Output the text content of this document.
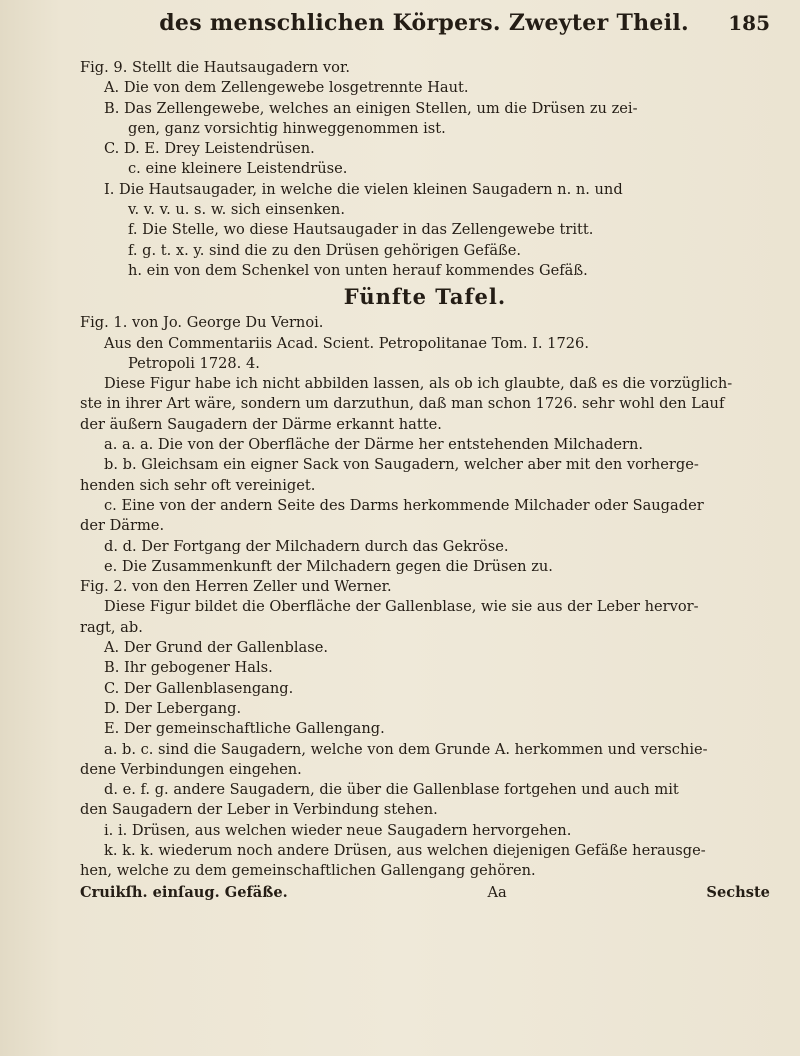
des menschlichen Körpers. Zweyter Theil.	185
Fig. 9. Stellt die Hautsaugadern vor.
A. Die von dem Zellengewebe losgetrennte Haut.
B. Das Zellengewebe, welches an einigen Stellen, um die Drüsen zu zei-
gen, ganz vorsichtig hinweggenommen ist.
C. D. E. Drey Leistendrüsen.
c. eine kleinere Leistendrüse.
I. Die Hautsaugader, in welche die vielen kleinen Saugadern n. n. und
v. v. v. u. s. w. sich einsenken.
f. Die Stelle, wo diese Hautsaugader in das Zellengewebe tritt.
f. g. t. x. y. sind die zu den Drüsen gehörigen Gefäße.
h. ein von dem Schenkel von unten herauf kommendes Gefäß.
Fünfte Tafel.
Fig. 1. von Jo. George Du Vernoi.
Aus den Commentariis Acad. Scient. Petropolitanae Tom. I. 1726.
Petropoli 1728. 4.
Diese Figur habe ich nicht abbilden lassen, als ob ich glaubte, daß es die vorzüglich-
ste in ihrer Art wäre, sondern um darzuthun, daß man schon 1726. sehr wohl den Lauf
der äußern Saugadern der Därme erkannt hatte.
a. a. a. Die von der Oberfläche der Därme her entstehenden Milchadern.
b. b. Gleichsam ein eigner Sack von Saugadern, welcher aber mit den vorherge-
henden sich sehr oft vereiniget.
c. Eine von der andern Seite des Darms herkommende Milchader oder Saugader
der Därme.
d. d. Der Fortgang der Milchadern durch das Gekröse.
e. Die Zusammenkunft der Milchadern gegen die Drüsen zu.
Fig. 2. von den Herren Zeller und Werner.
Diese Figur bildet die Oberfläche der Gallenblase, wie sie aus der Leber hervor-
ragt, ab.
A. Der Grund der Gallenblase.
B. Ihr gebogener Hals.
C. Der Gallenblasengang.
D. Der Lebergang.
E. Der gemeinschaftliche Gallengang.
a. b. c. sind die Saugadern, welche von dem Grunde A. herkommen und verschie-
dene Verbindungen eingehen.
d. e. f. g. andere Saugadern, die über die Gallenblase fortgehen und auch mit
den Saugadern der Leber in Verbindung stehen.
i. i. Drüsen, aus welchen wieder neue Saugadern hervorgehen.
k. k. k. wiederum noch andere Drüsen, aus welchen diejenigen Gefäße herausge-
hen, welche zu dem gemeinschaftlichen Gallengang gehören.
Cruikſh. einſaug. Gefäße.	Aa	Sechste
